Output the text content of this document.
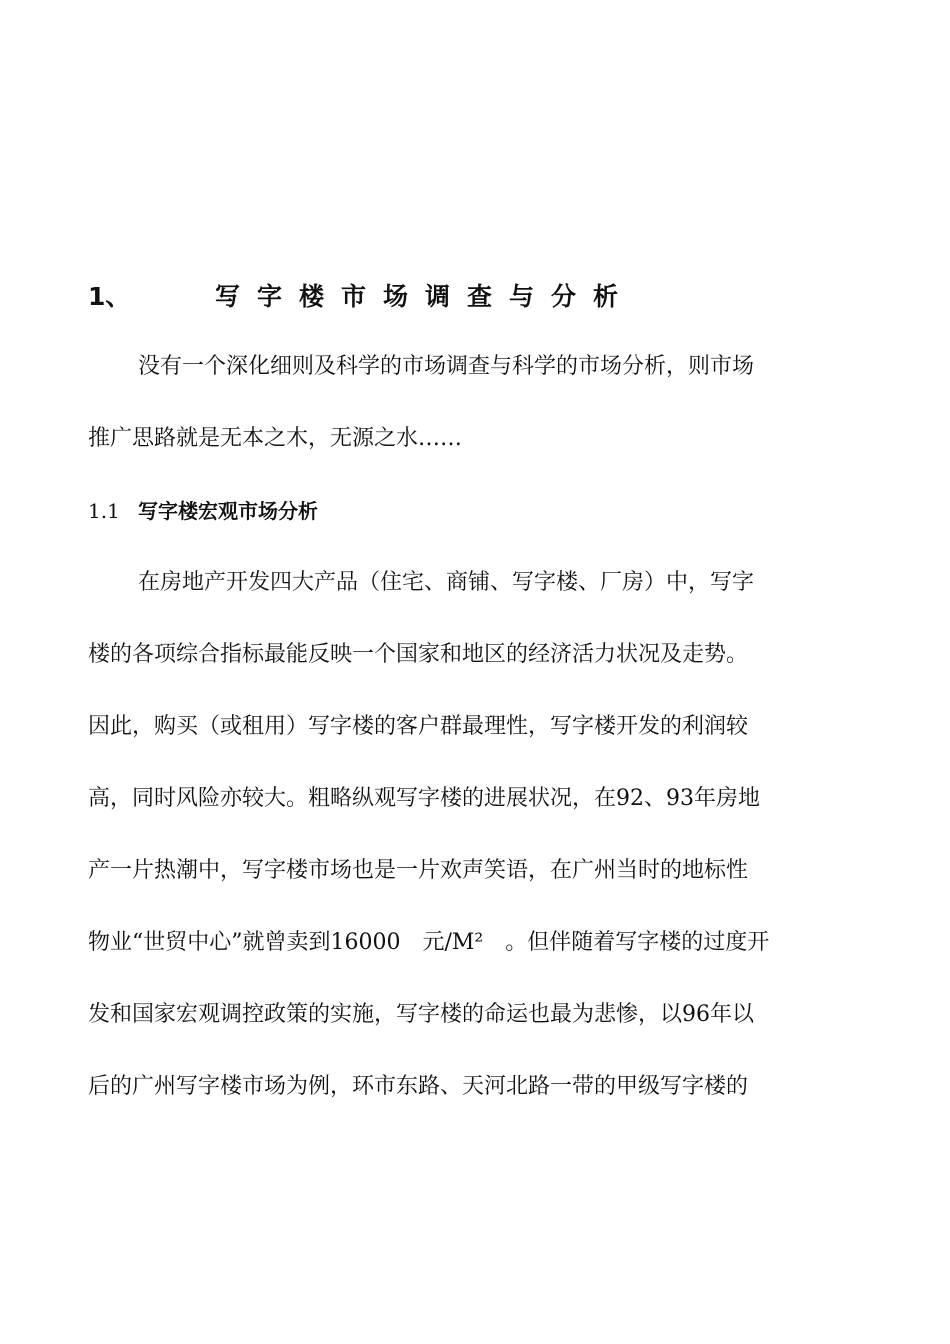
1、	写字楼市场调查与分析
没有一个深化细则及科学的市场调查与科学的市场分析，则市场
推广思路就是无本之木，无源之水……
1.1 写字楼宏观市场分析
在房地产开发四大产品（住宅、商铺、写字楼、厂房）中，写字
楼的各项综合指标最能反映一个国家和地区的经济活力状况及走势。
因此，购买（或租用）写字楼的客户群最理性，写字楼开发的利润较
高，同时风险亦较大。粗略纵观写字楼的进展状况，在92、93年房地
产一片热潮中，写字楼市场也是一片欢声笑语，在广州当时的地标性
物业“世贸中心”就曾卖到16000　元/M²　。但伴随着写字楼的过度开
发和国家宏观调控政策的实施，写字楼的命运也最为悲惨，以96年以
后的广州写字楼市场为例，环市东路、天河北路一带的甲级写字楼的
